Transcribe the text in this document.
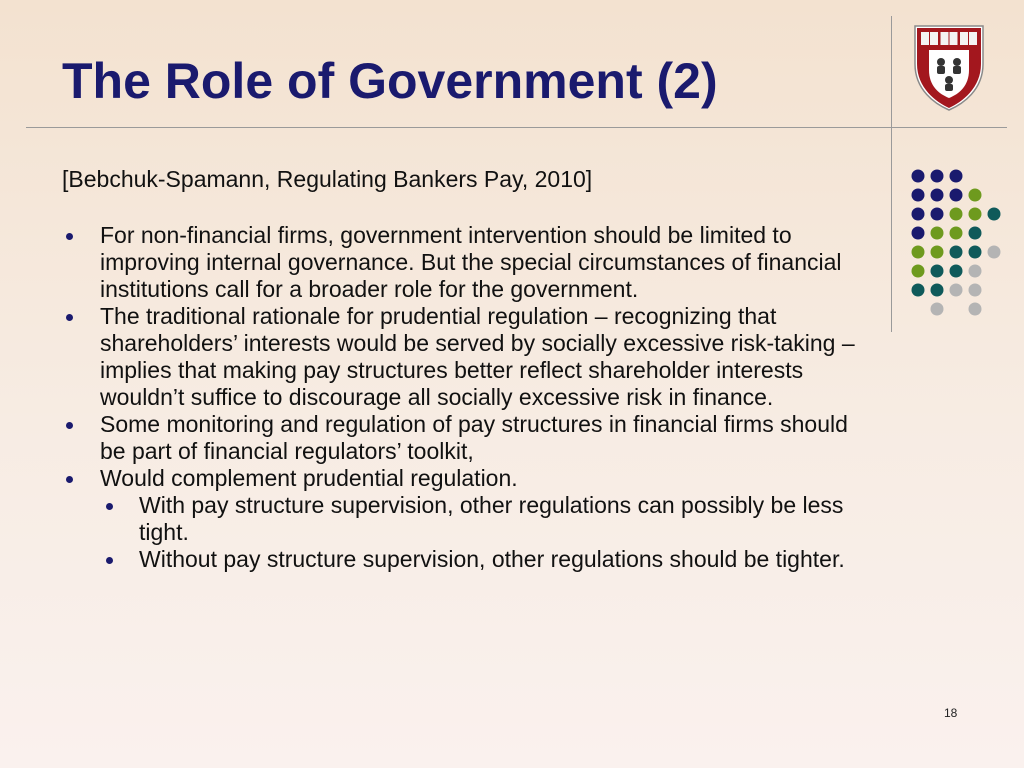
The Role of Government (2)

[Bebchuk-Spamann, Regulating Bankers Pay, 2010]

For non-financial firms, government intervention should be limited to improving internal governance. But the special circumstances of financial institutions call for a broader role for the government.
The traditional rationale for prudential regulation – recognizing that shareholders’ interests would be served by socially excessive risk-taking – implies that making pay structures better reflect shareholder interests wouldn’t suffice to discourage all socially excessive risk in finance.
Some monitoring and regulation of pay structures in financial firms should be part of financial regulators’ toolkit,
Would complement prudential regulation.
With pay structure supervision, other regulations can possibly be less tight.
Without pay structure supervision, other regulations should be tighter.
18
